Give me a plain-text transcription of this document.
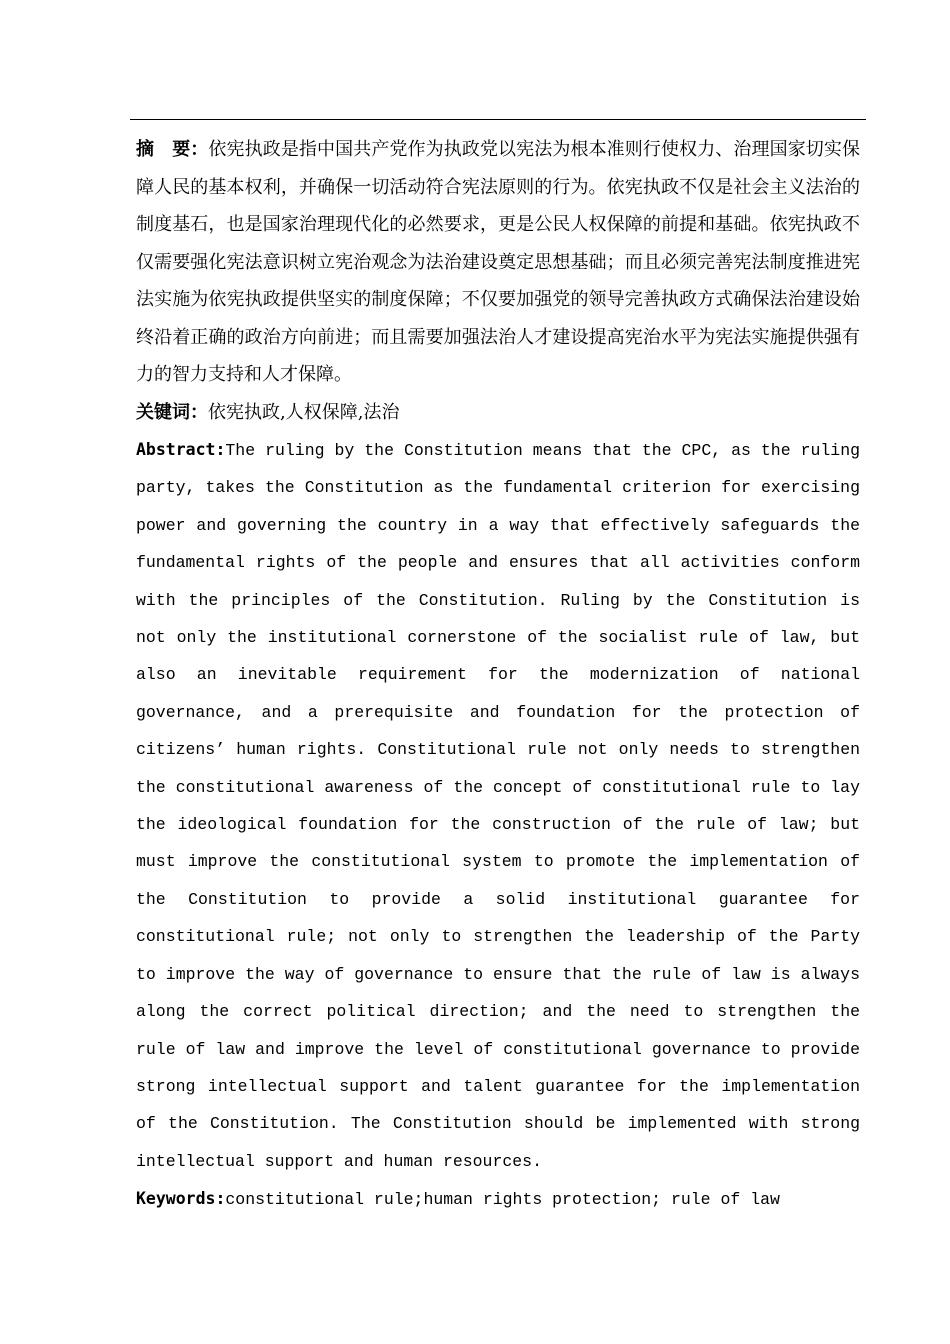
摘　要：依宪执政是指中国共产党作为执政党以宪法为根本准则行使权力、治理国家切实保障人民的基本权利，并确保一切活动符合宪法原则的行为。依宪执政不仅是社会主义法治的制度基石，也是国家治理现代化的必然要求，更是公民人权保障的前提和基础。依宪执政不仅需要强化宪法意识树立宪治观念为法治建设奠定思想基础；而且必须完善宪法制度推进宪法实施为依宪执政提供坚实的制度保障；不仅要加强党的领导完善执政方式确保法治建设始终沿着正确的政治方向前进；而且需要加强法治人才建设提高宪治水平为宪法实施提供强有力的智力支持和人才保障。

关键词：依宪执政,人权保障,法治

Abstract:The ruling by the Constitution means that the CPC, as the ruling party, takes the Constitution as the fundamental criterion for exercising power and governing the country in a way that effectively safeguards the fundamental rights of the people and ensures that all activities conform with the principles of the Constitution. Ruling by the Constitution is not only the institutional cornerstone of the socialist rule of law, but also an inevitable requirement for the modernization of national governance, and a prerequisite and foundation for the protection of citizens’ human rights. Constitutional rule not only needs to strengthen the constitutional awareness of the concept of constitutional rule to lay the ideological foundation for the construction of the rule of law; but must improve the constitutional system to promote the implementation of the Constitution to provide a solid institutional guarantee for constitutional rule; not only to strengthen the leadership of the Party to improve the way of governance to ensure that the rule of law is always along the correct political direction; and the need to strengthen the rule of law and improve the level of constitutional governance to provide strong intellectual support and talent guarantee for the implementation of the Constitution. The Constitution should be implemented with strong intellectual support and human resources.

Keywords:constitutional rule;human rights protection; rule of law
